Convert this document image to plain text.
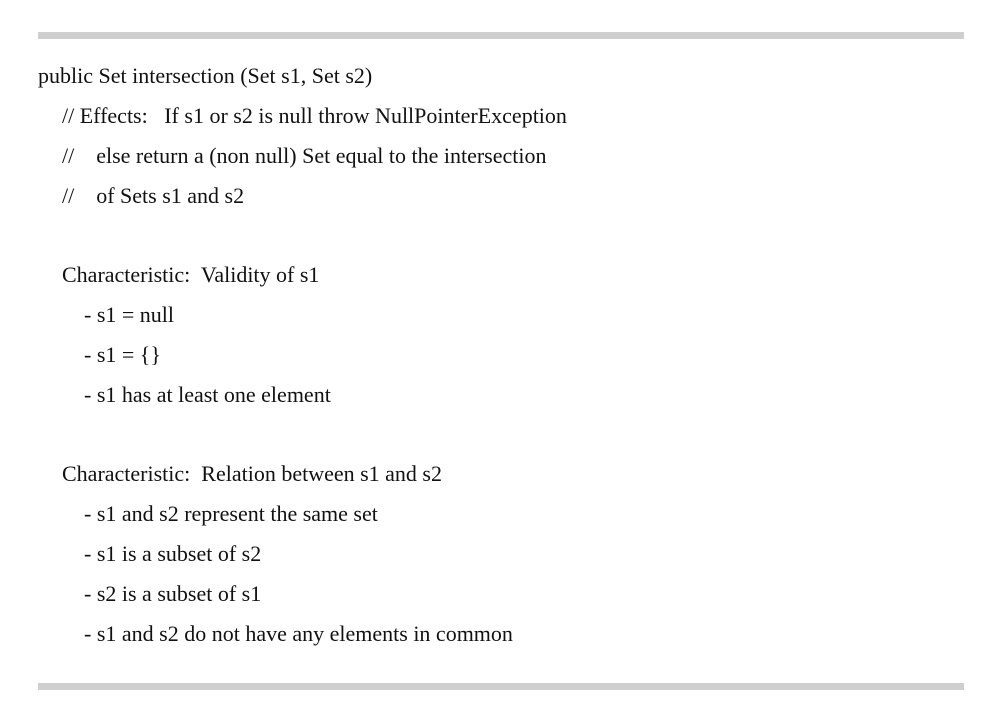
public Set intersection (Set s1, Set s2)
// Effects:   If s1 or s2 is null throw NullPointerException
//    else return a (non null) Set equal to the intersection
//    of Sets s1 and s2
Characteristic:  Validity of s1
- s1 = null
- s1 = {}
- s1 has at least one element
Characteristic:  Relation between s1 and s2
- s1 and s2 represent the same set
- s1 is a subset of s2
- s2 is a subset of s1
- s1 and s2 do not have any elements in common
